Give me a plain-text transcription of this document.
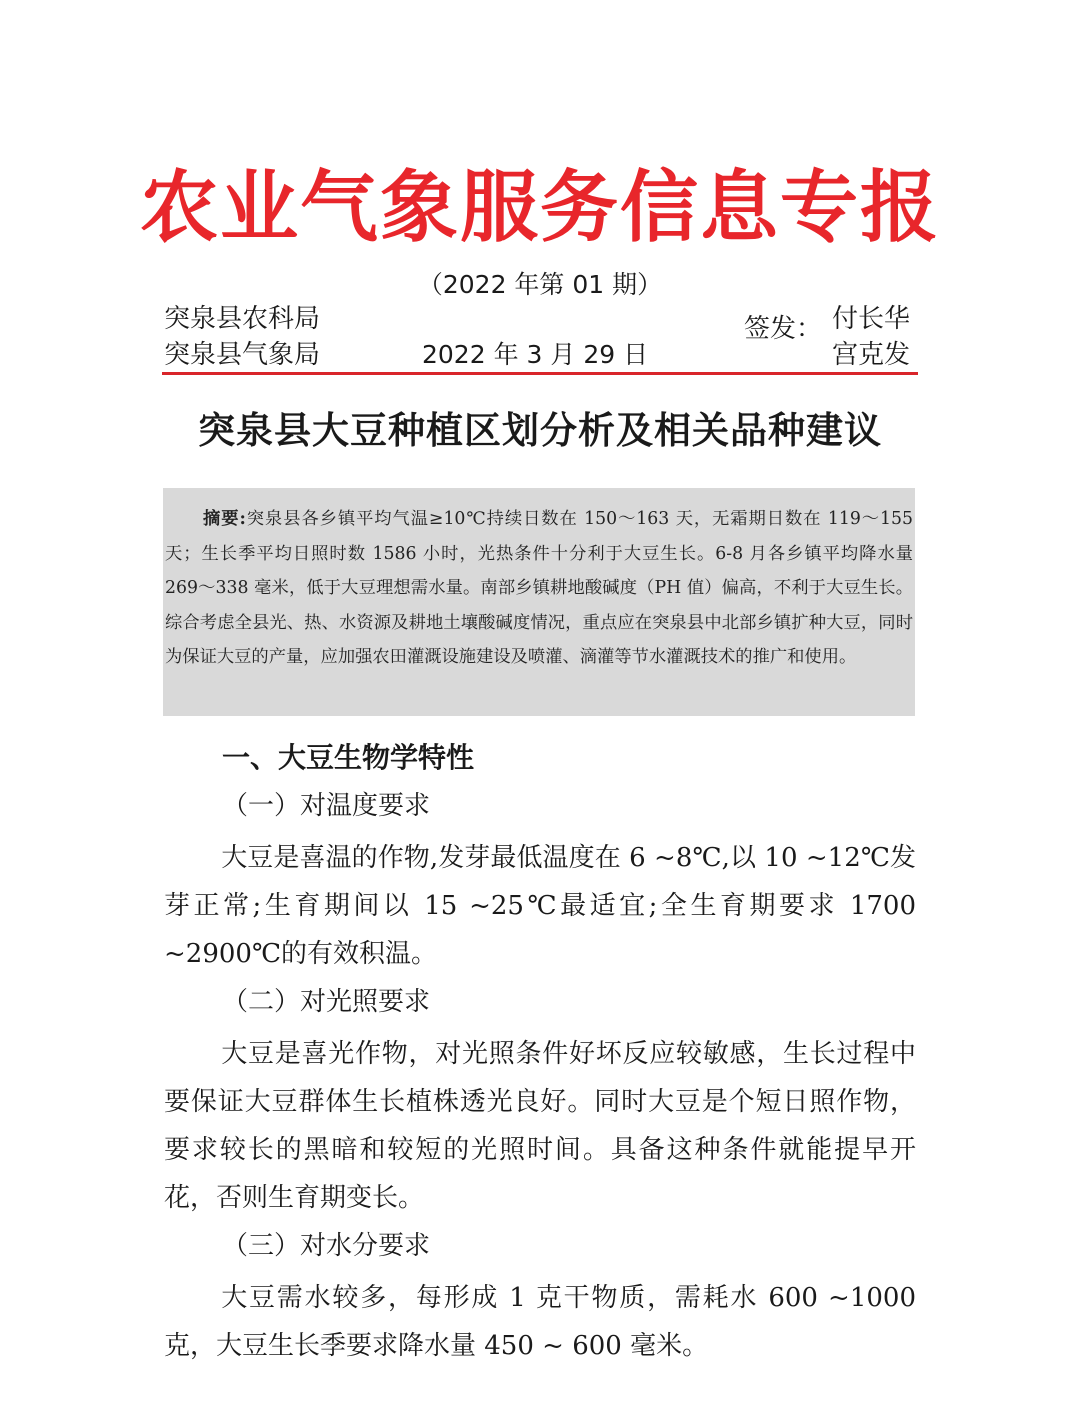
农业气象服务信息专报
（2022 年第 01 期）
突泉县农科局
突泉县气象局	2022 年 3 月 29 日
签发： 付长华
宫克发
突泉县大豆种植区划分析及相关品种建议
摘要:突泉县各乡镇平均气温≥10℃持续日数在 150～163 天，无霜期日数在 119～155 天；生长季平均日照时数 1586 小时，光热条件十分利于大豆生长。6-8 月各乡镇平均降水量 269～338 毫米，低于大豆理想需水量。南部乡镇耕地酸碱度（PH 值）偏高，不利于大豆生长。综合考虑全县光、热、水资源及耕地土壤酸碱度情况，重点应在突泉县中北部乡镇扩种大豆，同时为保证大豆的产量，应加强农田灌溉设施建设及喷灌、滴灌等节水灌溉技术的推广和使用。
一、大豆生物学特性
（一）对温度要求
大豆是喜温的作物,发芽最低温度在 6 ~8℃,以 10 ~12℃发芽正常;生育期间以 15 ~25℃最适宜;全生育期要求 1700 ~2900℃的有效积温。
（二）对光照要求
大豆是喜光作物，对光照条件好坏反应较敏感，生长过程中要保证大豆群体生长植株透光良好。同时大豆是个短日照作物，要求较长的黑暗和较短的光照时间。具备这种条件就能提早开花，否则生育期变长。
（三）对水分要求
大豆需水较多，每形成 1 克干物质，需耗水 600 ~1000 克，大豆生长季要求降水量 450 ~ 600 毫米。
